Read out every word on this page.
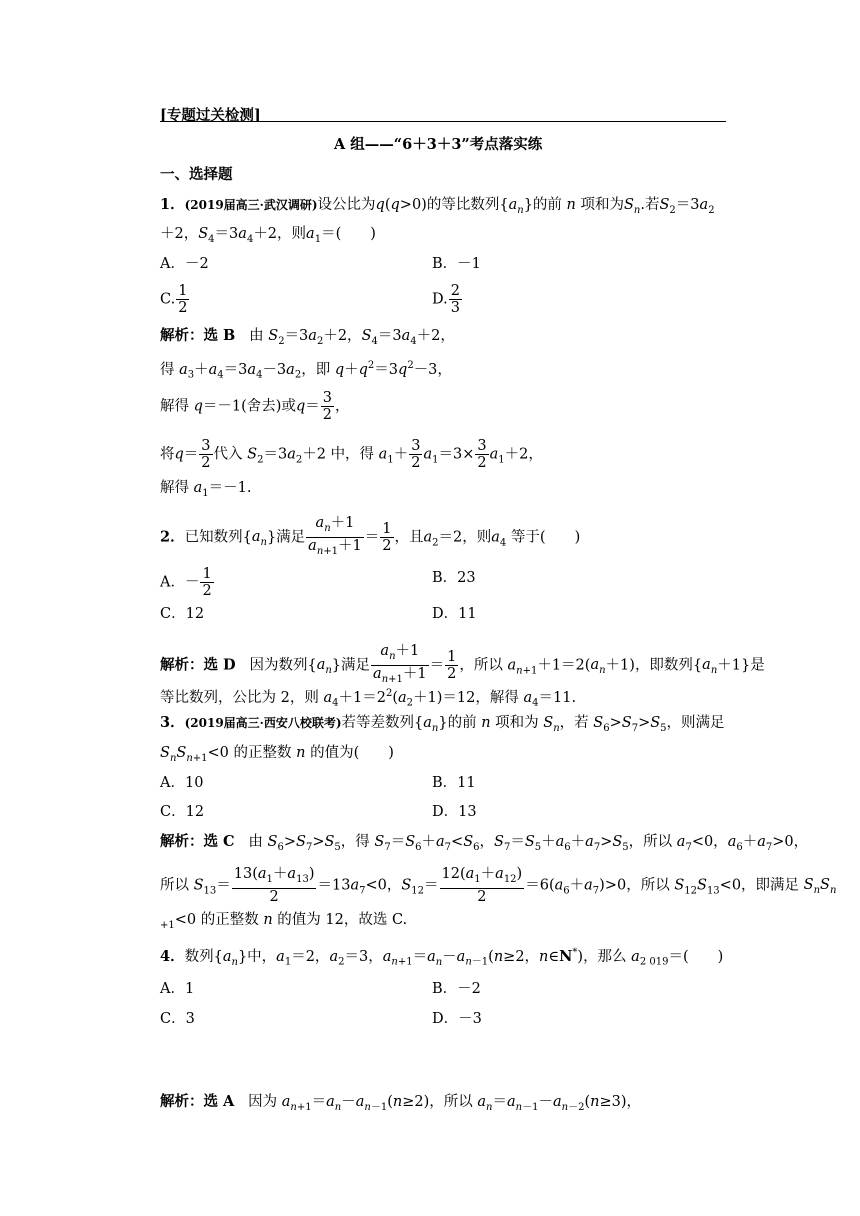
[专题过关检测]
A 组——“6＋3＋3”考点落实练
一、选择题
1．(2019届高三·武汉调研)设公比为q(q>0)的等比数列$\{a_n\}$的前 n 项和为$S_n$.若$S_2=3a_2$
＋2，$S_4=3a_4+2$，则$a_1=$(　　)
A．－2	B．－1
C. $\frac{1}{2}$	D. $\frac{2}{3}$
解析：选 B 由 $S_2=3a_2+2$，$S_4=3a_4+2$，
得 $a_3+a_4=3a_4-3a_2$，即 $q+q^2=3q^2-3$，
解得 q＝－1(舍去)或$q= \frac{3}{2}$ ，
将$q= \frac{3}{2}$ 代入 $S_2=3a_2+2$ 中，得 $a_1+ \frac{3}{2} a_1=3\times \frac{3}{2} a_1+2$，
解得 $a_1=-1$.
2．已知数列$\{a_n\}$满足 $\frac{a_n+1}{a_{n+1}+1} = \frac{1}{2}$ ，且$a_2=2$，则$a_4$ 等于(　　)
A．－ $\frac{1}{2}$	B．23
C．12	D．11
解析：选 D 因为数列$\{a_n\}$满足 $\frac{a_n+1}{a_{n+1}+1} = \frac{1}{2}$ ，所以 $a_{n+1}+1=2(a_n+1)$，即数列$\{a_n+1\}$是
等比数列，公比为 2，则 $a_4+1=2^2(a_2+1)=12$，解得 $a_4=11$.
3．(2019届高三·西安八校联考)若等差数列$\{a_n\}$的前 n 项和为 $S_n$，若 $S_6>S_7>S_5$，则满足
$S_nS_{n+1}<0$ 的正整数 n 的值为(　　)
A．10	B．11
C．12	D．13
解析：选 C 由 $S_6>S_7>S_5$，得 $S_7=S_6+a_7<S_6$，$S_7=S_5+a_6+a_7>S_5$，所以 $a_7<0$，$a_6+a_7>0$，
所以 $S_{13}= \frac{13(a_1+a_{13})}{2} =13a_7<0$，$S_{12}= \frac{12(a_1+a_{12})}{2} =6(a_6+a_7)>0$，所以 $S_{12}S_{13}<0$，即满足 $S_nS_n$
$_{+1}$<0 的正整数 n 的值为 12，故选 C.
4．数列$\{a_n\}$中，$a_1=2$，$a_2=3$，$a_{n+1}=a_n-a_{n-1}(n\ge 2$，n∈N*)，那么 $a_{2 019}=$(　　)
A．1	B．－2
C．3	D．－3
解析：选 A 因为 $a_{n+1}=a_n-a_{n-1}(n\ge 2)$，所以 $a_n=a_{n-1}-a_{n-2}(n\ge 3)$，
